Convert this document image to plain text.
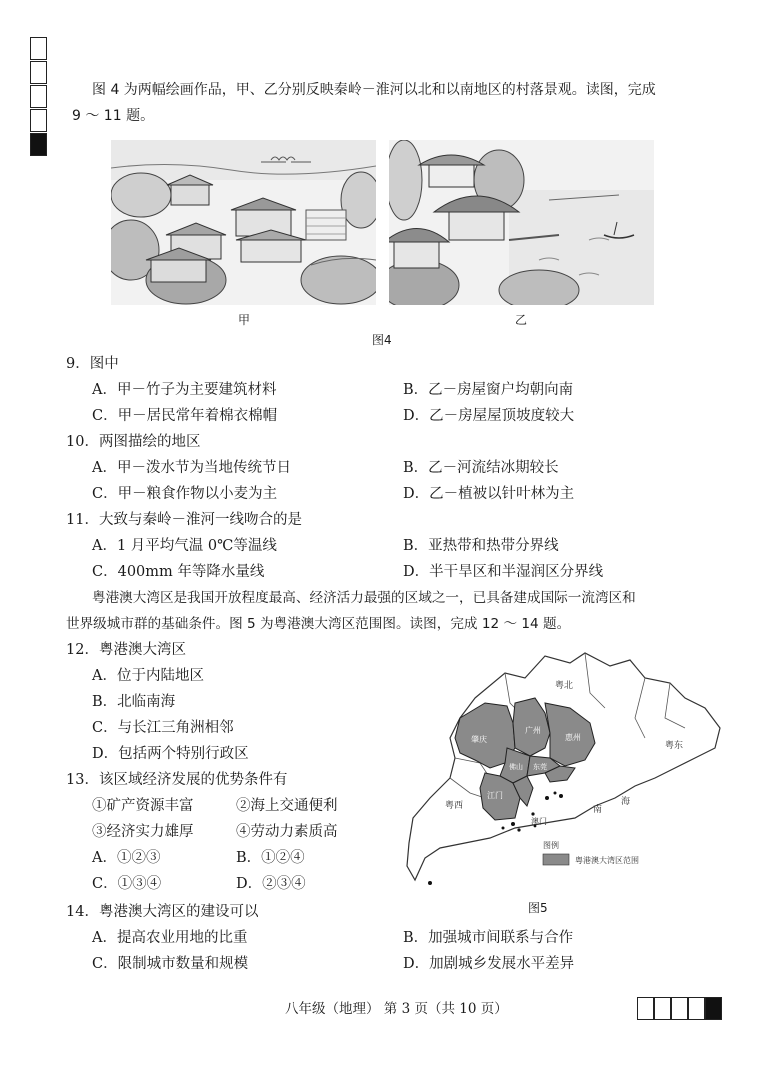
图 4 为两幅绘画作品，甲、乙分别反映秦岭－淮河以北和以南地区的村落景观。读图，完成
9 ～ 11 题。
甲	乙
图4
9．图中
A．甲－竹子为主要建筑材料	B．乙－房屋窗户均朝向南
C．甲－居民常年着棉衣棉帽	D．乙－房屋屋顶坡度较大
10．两图描绘的地区
A．甲－泼水节为当地传统节日	B．乙－河流结冰期较长
C．甲－粮食作物以小麦为主	D．乙－植被以针叶林为主
11．大致与秦岭－淮河一线吻合的是
A．1 月平均气温 0℃等温线	B．亚热带和热带分界线
C．400mm 年等降水量线	D．半干旱区和半湿润区分界线
粤港澳大湾区是我国开放程度最高、经济活力最强的区域之一，已具备建成国际一流湾区和
世界级城市群的基础条件。图 5 为粤港澳大湾区范围图。读图，完成 12 ～ 14 题。
12．粤港澳大湾区
A．位于内陆地区
B．北临南海
C．与长江三角洲相邻
D．包括两个特别行政区
13．该区域经济发展的优势条件有
①矿产资源丰富	②海上交通便利
③经济实力雄厚	④劳动力素质高
A．①②③	B．①②④
C．①③④	D．②③④
粤北
粤东
粤西	南
海
肇庆
广州
惠州
东莞
佛山
江门
澳门
图例
粤港澳大湾区范围
图5
14．粤港澳大湾区的建设可以
A．提高农业用地的比重	B．加强城市间联系与合作
C．限制城市数量和规模	D．加剧城乡发展水平差异
八年级（地理） 第 3 页（共 10 页）
